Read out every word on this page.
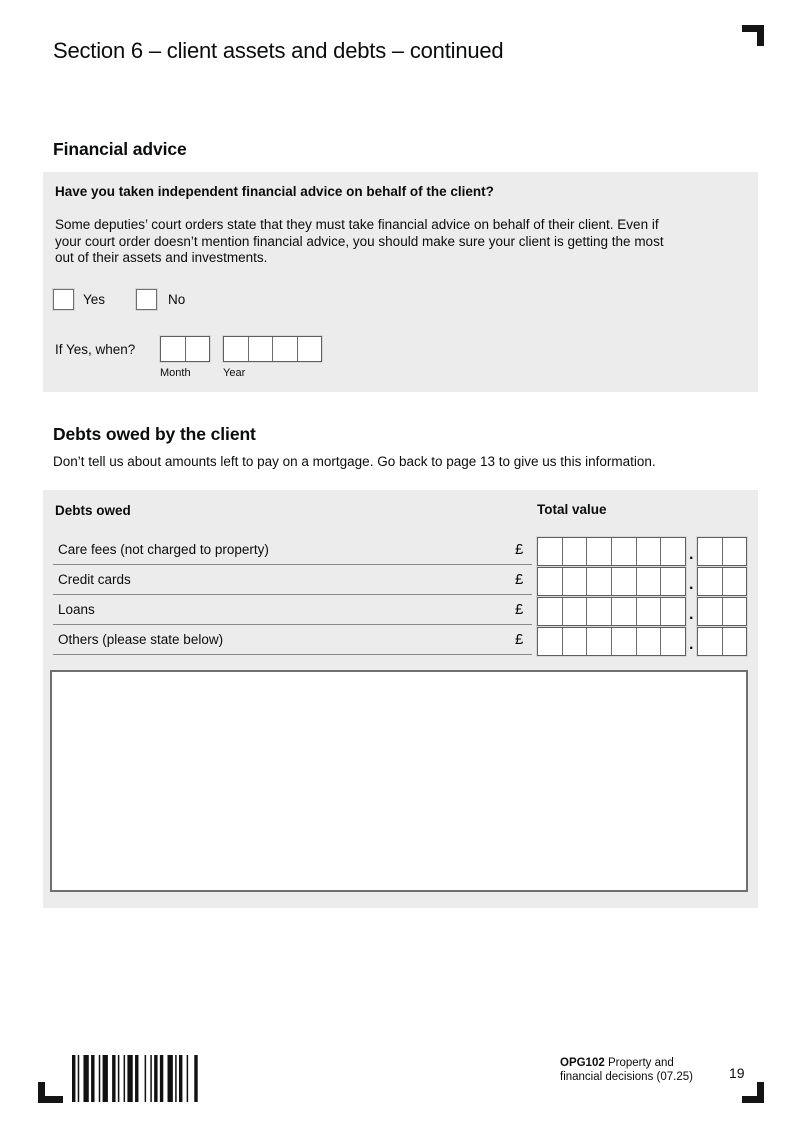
Section 6 – client assets and debts – continued
Financial advice
Have you taken independent financial advice on behalf of the client?
Some deputies’ court orders state that they must take financial advice on behalf of their client. Even if
your court order doesn’t mention financial advice, you should make sure your client is getting the most
out of their assets and investments.
Yes	No
If Yes, when?
Month	Year
Debts owed by the client
Don’t tell us about amounts left to pay on a mortgage. Go back to page 13 to give us this information.
Debts owed	Total value
Care fees (not charged to property)	£	.
Credit cards	£	.
Loans	£	.
Others (please state below)	£	.
OPG102 Property and
financial decisions (07.25)	19
